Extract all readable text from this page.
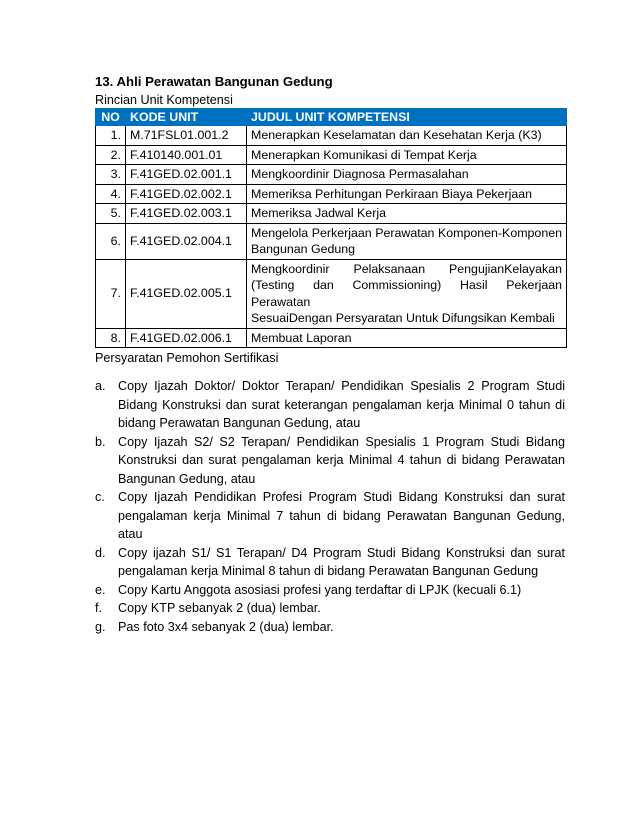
13. Ahli Perawatan Bangunan Gedung
Rincian Unit Kompetensi
NO	KODE UNIT	JUDUL UNIT KOMPETENSI
1.	M.71FSL01.001.2	Menerapkan Keselamatan dan Kesehatan Kerja (K3)
2.	F.410140.001.01	Menerapkan Komunikasi di Tempat Kerja
3.	F.41GED.02.001.1	Mengkoordinir Diagnosa Permasalahan
4.	F.41GED.02.002.1	Memeriksa Perhitungan Perkiraan Biaya Pekerjaan
5.	F.41GED.02.003.1	Memeriksa Jadwal Kerja
6.	F.41GED.02.004.1	Mengelola Perkerjaan Perawatan Komponen-Komponen
Bangunan Gedung

7.	F.41GED.02.005.1	Mengkoordinir Pelaksanaan PengujianKelayakan
(Testing dan Commissioning) Hasil Pekerjaan Perawatan
SesuaiDengan Persyaratan Untuk Difungsikan Kembali

8.	F.41GED.02.006.1	Membuat Laporan
Persyaratan Pemohon Sertifikasi
a. Copy Ijazah Doktor/ Doktor Terapan/ Pendidikan Spesialis 2 Program Studi Bidang Konstruksi dan surat keterangan pengalaman kerja Minimal 0 tahun di bidang Perawatan Bangunan Gedung, atau
b. Copy Ijazah S2/ S2 Terapan/ Pendidikan Spesialis 1 Program Studi Bidang Konstruksi dan surat pengalaman kerja Minimal 4 tahun di bidang Perawatan Bangunan Gedung, atau
c. Copy Ijazah Pendidikan Profesi Program Studi Bidang Konstruksi dan surat pengalaman kerja Minimal 7 tahun di bidang Perawatan Bangunan Gedung, atau
d. Copy ijazah S1/ S1 Terapan/ D4 Program Studi Bidang Konstruksi dan surat pengalaman kerja Minimal 8 tahun di bidang Perawatan Bangunan Gedung
e. Copy Kartu Anggota asosiasi profesi yang terdaftar di LPJK (kecuali 6.1)
f. Copy KTP sebanyak 2 (dua) lembar.
g. Pas foto 3x4 sebanyak 2 (dua) lembar.
